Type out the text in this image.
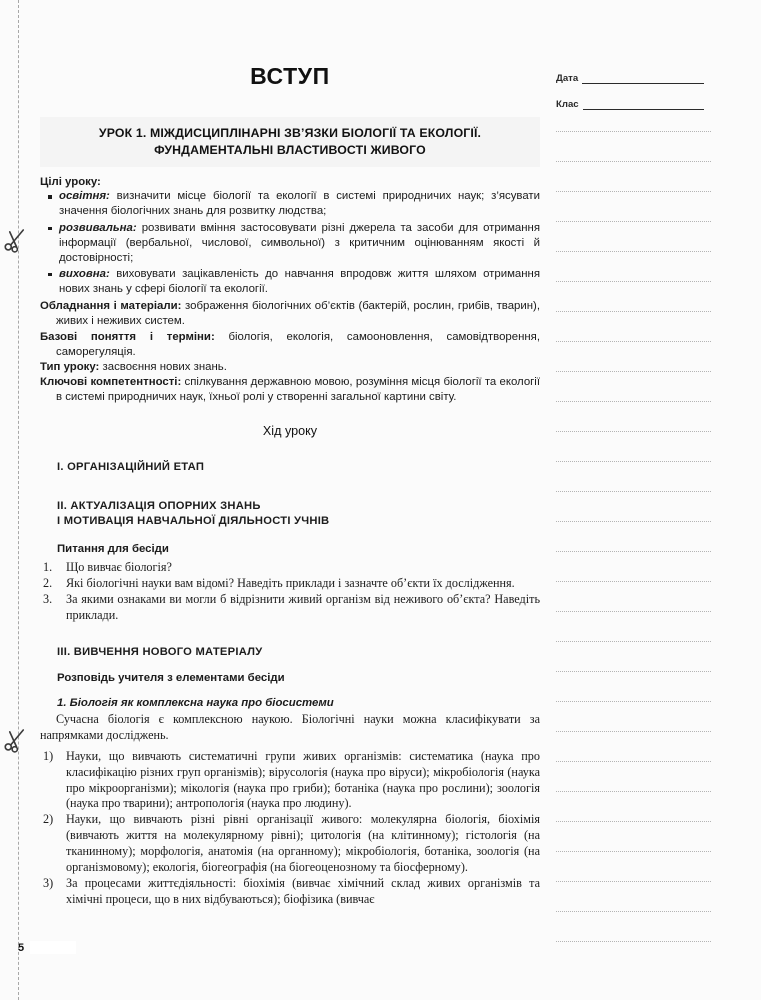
ВСТУП

УРОК 1. МІЖДИСЦИПЛІНАРНІ ЗВ’ЯЗКИ БІОЛОГІЇ ТА ЕКОЛОГІЇ.
ФУНДАМЕНТАЛЬНІ ВЛАСТИВОСТІ ЖИВОГО

Цілі уроку:

освітня: визначити місце біології та екології в системі природничих наук; з’ясувати значення біологічних знань для розвитку людства;
розвивальна: розвивати вміння застосовувати різні джерела та засоби для отримання інформації (вербальної, числової, символьної) з критичним оцінюванням якості й достовірності;
виховна: виховувати зацікавленість до навчання впродовж життя шляхом отримання нових знань у сфері біології та екології.

Обладнання і матеріали: зображення біологічних об’єктів (бактерій, рослин, грибів, тварин), живих і неживих систем.

Базові поняття і терміни: біологія, екологія, самооновлення, самовідтворення, саморегуляція.

Тип уроку: засвоєння нових знань.

Ключові компетентності: спілкування державною мовою, розуміння місця біології та екології в системі природничих наук, їхньої ролі у створенні загальної картини світу.

Хід уроку

I. ОРГАНІЗАЦІЙНИЙ ЕТАП

II. АКТУАЛІЗАЦІЯ ОПОРНИХ ЗНАНЬ
І МОТИВАЦІЯ НАВЧАЛЬНОЇ ДІЯЛЬНОСТІ УЧНІВ

Питання для бесіди

1.	Що вивчає біологія?
2.	Які біологічні науки вам відомі? Наведіть приклади і зазначте об’єкти їх дослідження.
3.	За якими ознаками ви могли б відрізнити живий організм від неживого об’єкта? Наведіть приклади.

III. ВИВЧЕННЯ НОВОГО МАТЕРІАЛУ

Розповідь учителя з елементами бесіди

1. Біологія як комплексна наука про біосистеми

Сучасна біологія є комплексною наукою. Біологічні науки можна класифікувати за напрямками досліджень.

1)	Науки, що вивчають систематичні групи живих організмів: систематика (наука про класифікацію різних груп організмів); вірусологія (наука про віруси); мікробіологія (наука про мікроорганізми); мікологія (наука про гриби); ботаніка (наука про рослини); зоологія (наука про тварини); антропологія (наука про людину).
2)	Науки, що вивчають різні рівні організації живого: молекулярна біологія, біохімія (вивчають життя на молекулярному рівні); цитологія (на клітинному); гістологія (на тканинному); морфологія, анатомія (на органному); мікробіологія, ботаніка, зоологія (на організмовому); екологія, біогеографія (на біогеоценозному та біосферному).
3)	За процесами життєдіяльності: біохімія (вивчає хімічний склад живих організмів та хімічні процеси, що в них відбуваються); біофізика (вивчає
Дата
Клас
5
